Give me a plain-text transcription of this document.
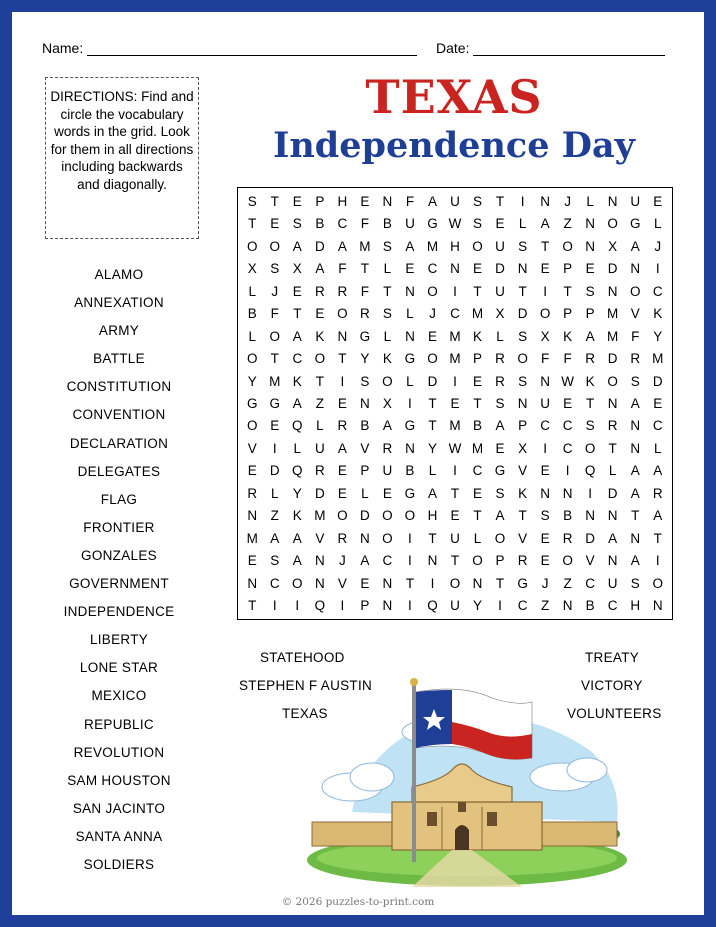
Name:	Date:
DIRECTIONS: Find and circle the vocabulary words in the grid. Look for them in all directions including backwards and diagonally.
TEXAS
Independence Day
ALAMO
ANNEXATION
ARMY
BATTLE
CONSTITUTION
CONVENTION
DECLARATION
DELEGATES
FLAG
FRONTIER
GONZALES
GOVERNMENT
INDEPENDENCE
LIBERTY
LONE STAR
MEXICO
REPUBLIC
REVOLUTION
SAM HOUSTON
SAN JACINTO
SANTA ANNA
SOLDIERS
S	T	E	P H E N	F	A U S	T	I	N	J	L	N U E
T	E	S	B C	F	B U G W S	E	L	A	Z	N O G	L
O O A D A M S	A M H O U S	T O N X	A	J
X	S	X	A	F	T	L	E C N E D N E	P	E D N	I
L	J	E R R	F	T	N O	I	T	U	T	I	T	S N O C
B	F	T	E O R S	L	J	C M X D O P	P M V	K
L	O A	K N G	L	N E M K	L	S	X	K	A M F	Y
O T	C O T	Y	K G O M P R O F	F	R D R M
Y M K	T	I	S O	L	D	I	E R S N W K O S D
G G A	Z	E N X	I	T	E	T	S N U E	T	N A	E
O E Q	L	R B	A G T M B	A	P C C S R N C
V	I	L	U A	V R N Y W M E	X	I	C O T	N	L
E D Q R E	P U B	L	I	C G V	E	I	Q	L	A	A
R	L	Y D E	L	E G A	T	E	S	K N N	I	D A R
N	Z	K M O D O O H E	T	A	T	S	B N N	T	A
M A	A	V R N O	I	T	U	L	O V	E R D A N	T
E	S	A N	J	A C	I	N	T O P R E O V N A	I
N C O N V	E N	T	I	O N	T G	J	Z	C U S O
T	I	I	Q	I	P N	I	Q U Y	I	C	Z	N B C H N
STATEHOOD
STEPHEN F AUSTIN
TEXAS
TREATY
VICTORY
VOLUNTEERS
© 2026 puzzles-to-print.com
